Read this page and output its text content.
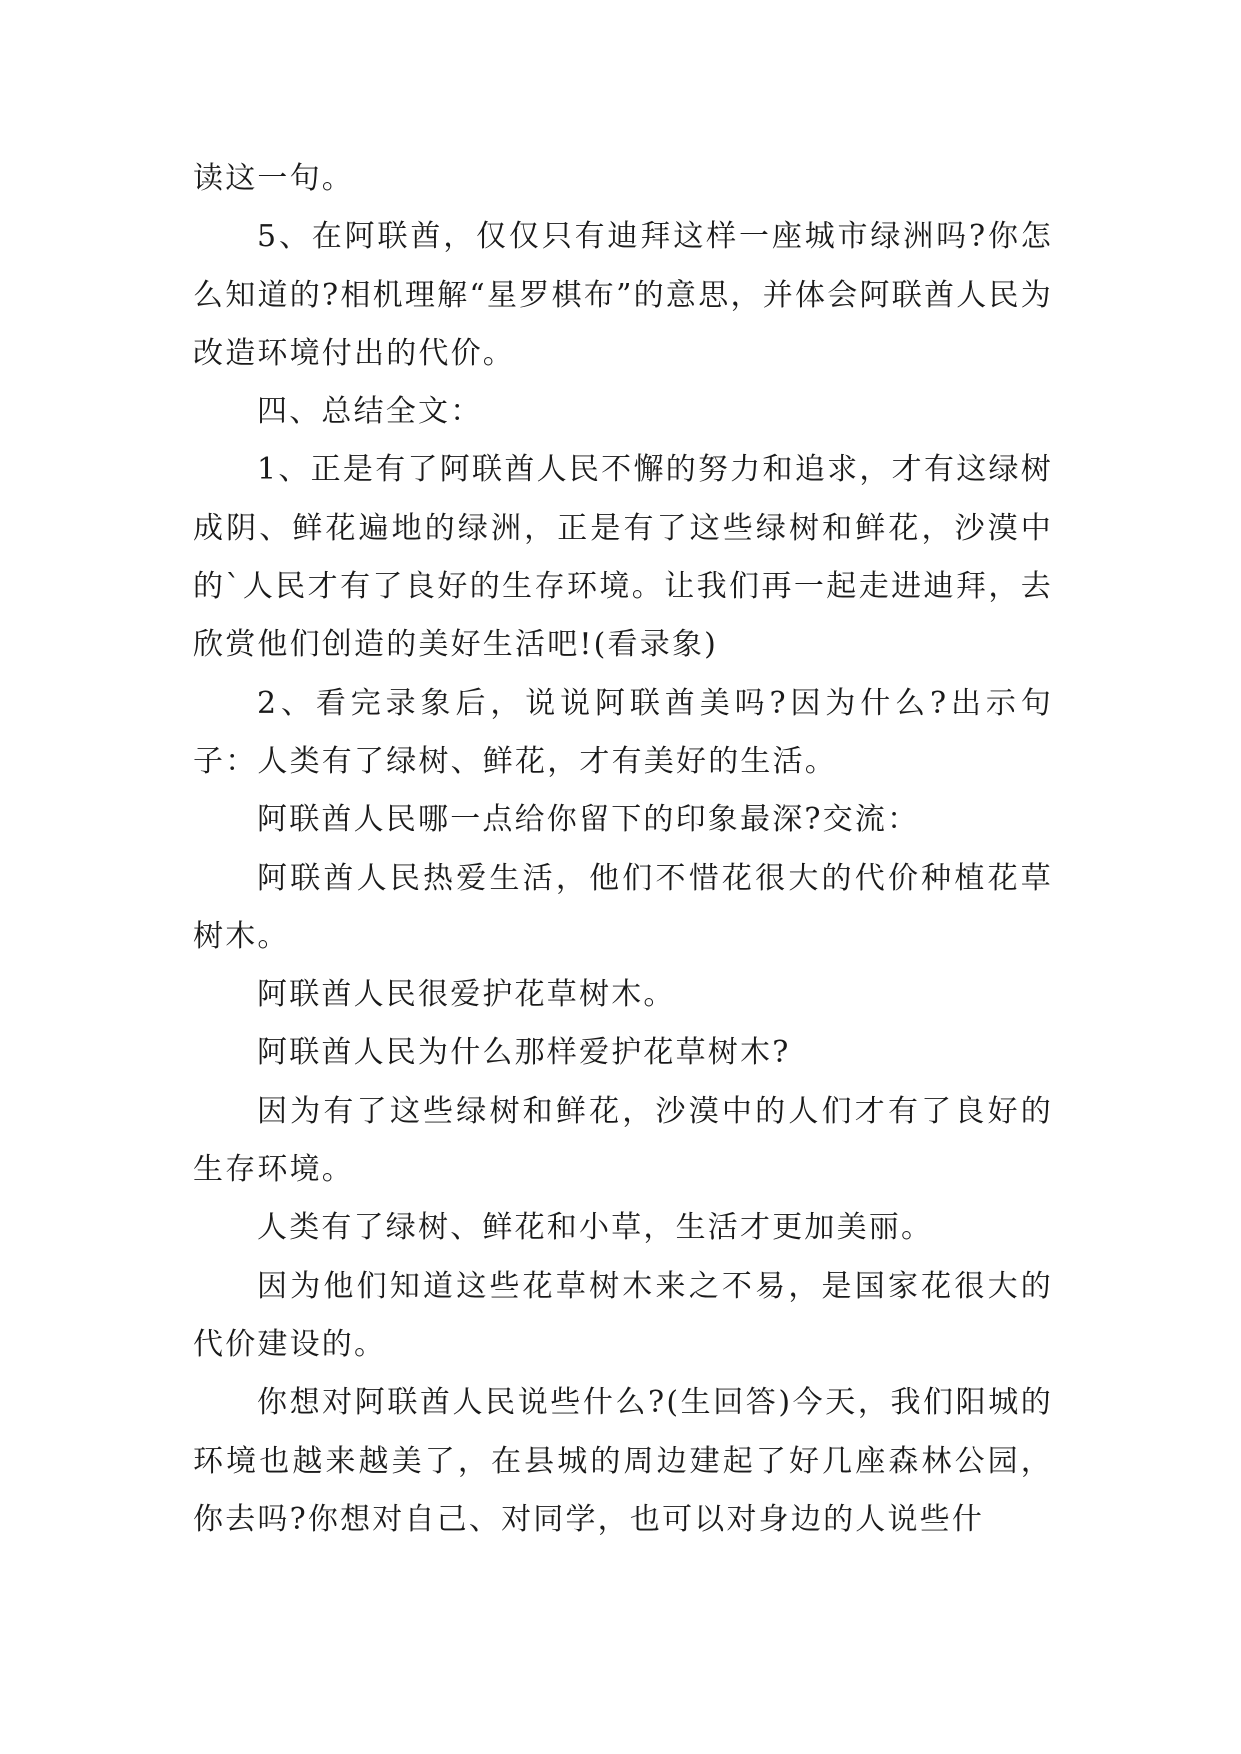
读这一句。

5、在阿联酋，仅仅只有迪拜这样一座城市绿洲吗?你怎么知道的?相机理解“星罗棋布”的意思，并体会阿联酋人民为改造环境付出的代价。

四、总结全文：

1、正是有了阿联酋人民不懈的努力和追求，才有这绿树成阴、鲜花遍地的绿洲，正是有了这些绿树和鲜花，沙漠中的`人民才有了良好的生存环境。让我们再一起走进迪拜，去欣赏他们创造的美好生活吧!(看录象)

2、看完录象后，说说阿联酋美吗?因为什么?出示句子：人类有了绿树、鲜花，才有美好的生活。

阿联酋人民哪一点给你留下的印象最深?交流：

阿联酋人民热爱生活，他们不惜花很大的代价种植花草树木。

阿联酋人民很爱护花草树木。

阿联酋人民为什么那样爱护花草树木?

因为有了这些绿树和鲜花，沙漠中的人们才有了良好的生存环境。

人类有了绿树、鲜花和小草，生活才更加美丽。

因为他们知道这些花草树木来之不易，是国家花很大的代价建设的。

你想对阿联酋人民说些什么?(生回答)今天，我们阳城的环境也越来越美了，在县城的周边建起了好几座森林公园，你去吗?你想对自己、对同学，也可以对身边的人说些什
